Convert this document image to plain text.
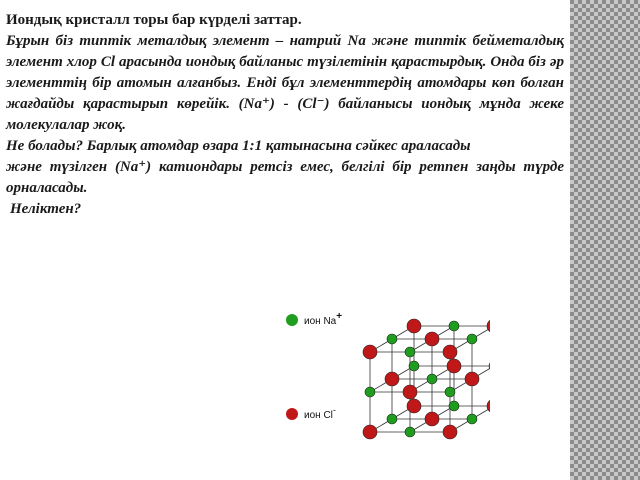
Иондық кристалл торы бар күрделі заттар.

Бұрын біз типтік металдық элемент – натрий Na және типтік бейметалдық элемент хлор Cl арасында иондық байланыс түзілетінін қарастырдық. Онда біз әр элементтің бір атомын алғанбыз. Енді бұл элементтердің атомдары көп болған жағдайды қарастырып көрейік. (Na⁺) - (Cl⁻) байланысы иондық мұнда жеке молекулалар жоқ.

Не болады? Барлық атомдар өзара 1:1 қатынасына сәйкес араласады

және түзілген (Na⁺) катиондары ретсіз емес, белгілі бір ретпен заңды түрде орналасады.

Неліктен?

ион Na+
ион Cl-
